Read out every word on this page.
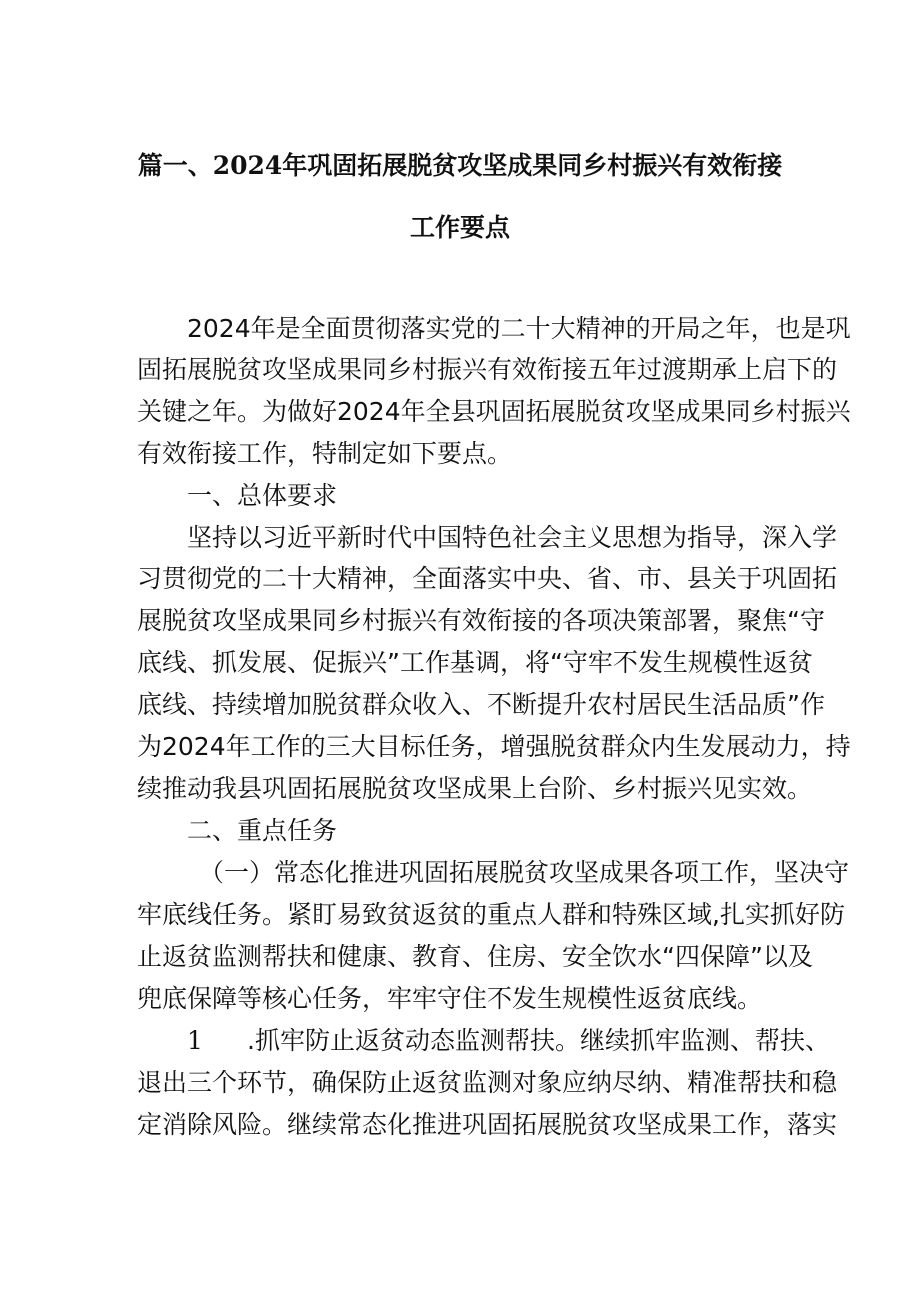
篇一、2024年巩固拓展脱贫攻坚成果同乡村振兴有效衔接
工作要点
2024年是全面贯彻落实党的二十大精神的开局之年，也是巩
固拓展脱贫攻坚成果同乡村振兴有效衔接五年过渡期承上启下的
关键之年。为做好2024年全县巩固拓展脱贫攻坚成果同乡村振兴
有效衔接工作，特制定如下要点。
一、总体要求
坚持以习近平新时代中国特色社会主义思想为指导，深入学
习贯彻党的二十大精神，全面落实中央、省、市、县关于巩固拓
展脱贫攻坚成果同乡村振兴有效衔接的各项决策部署，聚焦“守
底线、抓发展、促振兴”工作基调，将“守牢不发生规模性返贫
底线、持续增加脱贫群众收入、不断提升农村居民生活品质”作
为2024年工作的三大目标任务，增强脱贫群众内生发展动力，持
续推动我县巩固拓展脱贫攻坚成果上台阶、乡村振兴见实效。
二、重点任务
（一）常态化推进巩固拓展脱贫攻坚成果各项工作，坚决守
牢底线任务。紧盯易致贫返贫的重点人群和特殊区域,扎实抓好防
止返贫监测帮扶和健康、教育、住房、安全饮水“四保障”以及
兜底保障等核心任务，牢牢守住不发生规模性返贫底线。
1 .抓牢防止返贫动态监测帮扶。继续抓牢监测、帮扶、
退出三个环节，确保防止返贫监测对象应纳尽纳、精准帮扶和稳
定消除风险。继续常态化推进巩固拓展脱贫攻坚成果工作，落实
